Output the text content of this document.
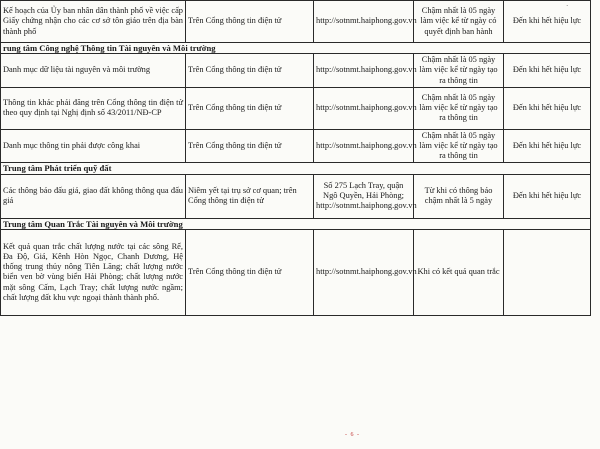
Kế hoạch của Ủy ban nhân dân thành phố về việc cấp Giấy chứng nhận cho các cơ sở tôn giáo trên địa bàn thành phố	Trên Cổng thông tin điện tử	http://sotnmt.haiphong.gov.vn	Chậm nhất là 05 ngày làm việc kể từ ngày có quyết định ban hành	Đến khi hết hiệu lực
rung tâm Công nghệ Thông tin Tài nguyên và Môi trường				
Danh mục dữ liệu tài nguyên và môi trường	Trên Cổng thông tin điện tử	http://sotnmt.haiphong.gov.vn	Chậm nhất là 05 ngày làm việc kể từ ngày tạo ra thông tin	Đến khi hết hiệu lực
Thông tin khác phải đăng trên Cổng thông tin điện tử theo quy định tại Nghị định số 43/2011/NĐ-CP	Trên Cổng thông tin điện tử	http://sotnmt.haiphong.gov.vn	Chậm nhất là 05 ngày làm việc kể từ ngày tạo ra thông tin	Đến khi hết hiệu lực
Danh mục thông tin phải được công khai	Trên Cổng thông tin điện tử	http://sotnmt.haiphong.gov.vn	Chậm nhất là 05 ngày làm việc kể từ ngày tạo ra thông tin	Đến khi hết hiệu lực
Trung tâm Phát triển quỹ đất				
Các thông báo đấu giá, giao đất không thông qua đấu giá	Niêm yết tại trụ sở cơ quan; trên Cổng thông tin điện tử	Số 275 Lạch Tray, quận Ngô Quyền, Hải Phòng; http://sotnmt.haiphong.gov.vn	Từ khi có thông báo chậm nhất là 5 ngày	Đến khi hết hiệu lực
Trung tâm Quan Trắc Tài nguyên và Môi trường				
Kết quả quan trắc chất lượng nước tại các sông Rế, Đa Độ, Giá, Kênh Hòn Ngọc, Chanh Dương, Hệ thống trung thủy nông Tiên Lãng; chất lượng nước biển ven bờ vùng biển Hải Phòng; chất lượng nước mặt sông Cấm, Lạch Tray; chất lượng nước ngầm; chất lượng đất khu vực ngoại thành thành phố.	Trên Cổng thông tin điện tử	http://sotnmt.haiphong.gov.vn	Khi có kết quả quan trắc	
- 6 -
·
